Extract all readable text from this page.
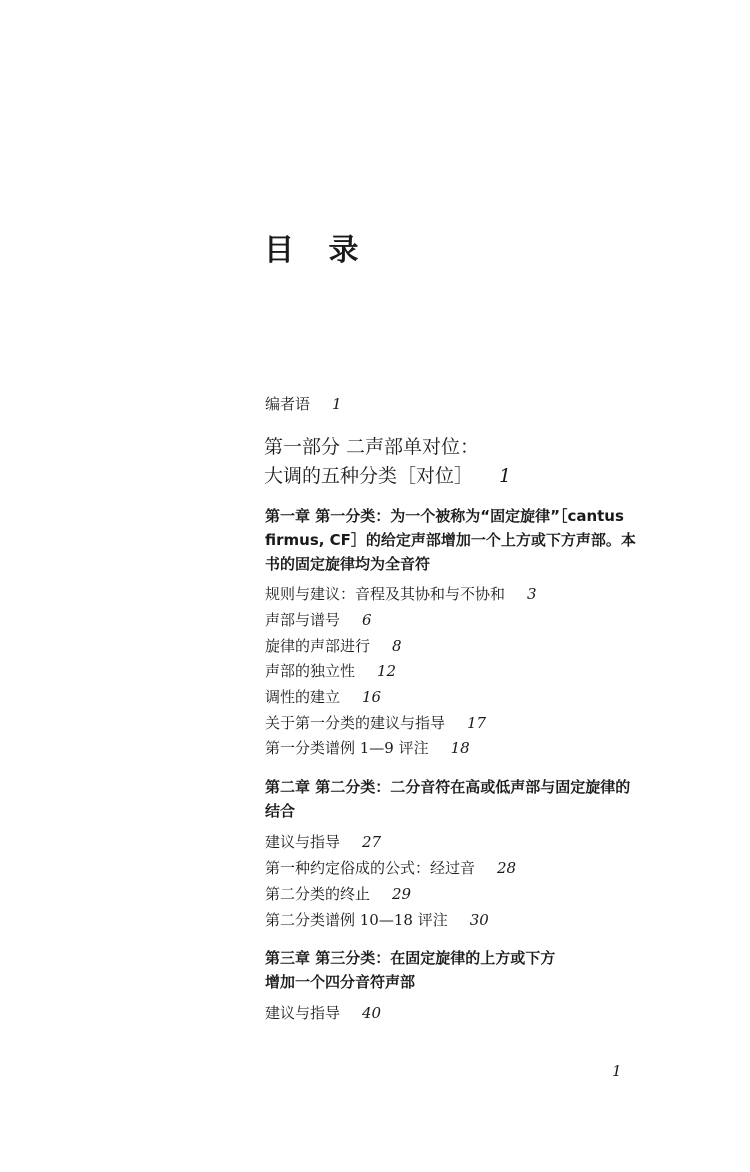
目 录
编者语 1
第一部分 二声部单对位：
大调的五种分类［对位］ 1
第一章 第一分类：为一个被称为“固定旋律”［cantus firmus, CF］的给定声部增加一个上方或下方声部。本书的固定旋律均为全音符
规则与建议：音程及其协和与不协和 3
声部与谱号 6
旋律的声部进行 8
声部的独立性 12
调性的建立 16
关于第一分类的建议与指导 17
第一分类谱例 1—9 评注 18
第二章 第二分类：二分音符在高或低声部与固定旋律的结合
建议与指导 27
第一种约定俗成的公式：经过音 28
第二分类的终止 29
第二分类谱例 10—18 评注 30
第三章 第三分类：在固定旋律的上方或下方
增加一个四分音符声部
建议与指导 40
1
